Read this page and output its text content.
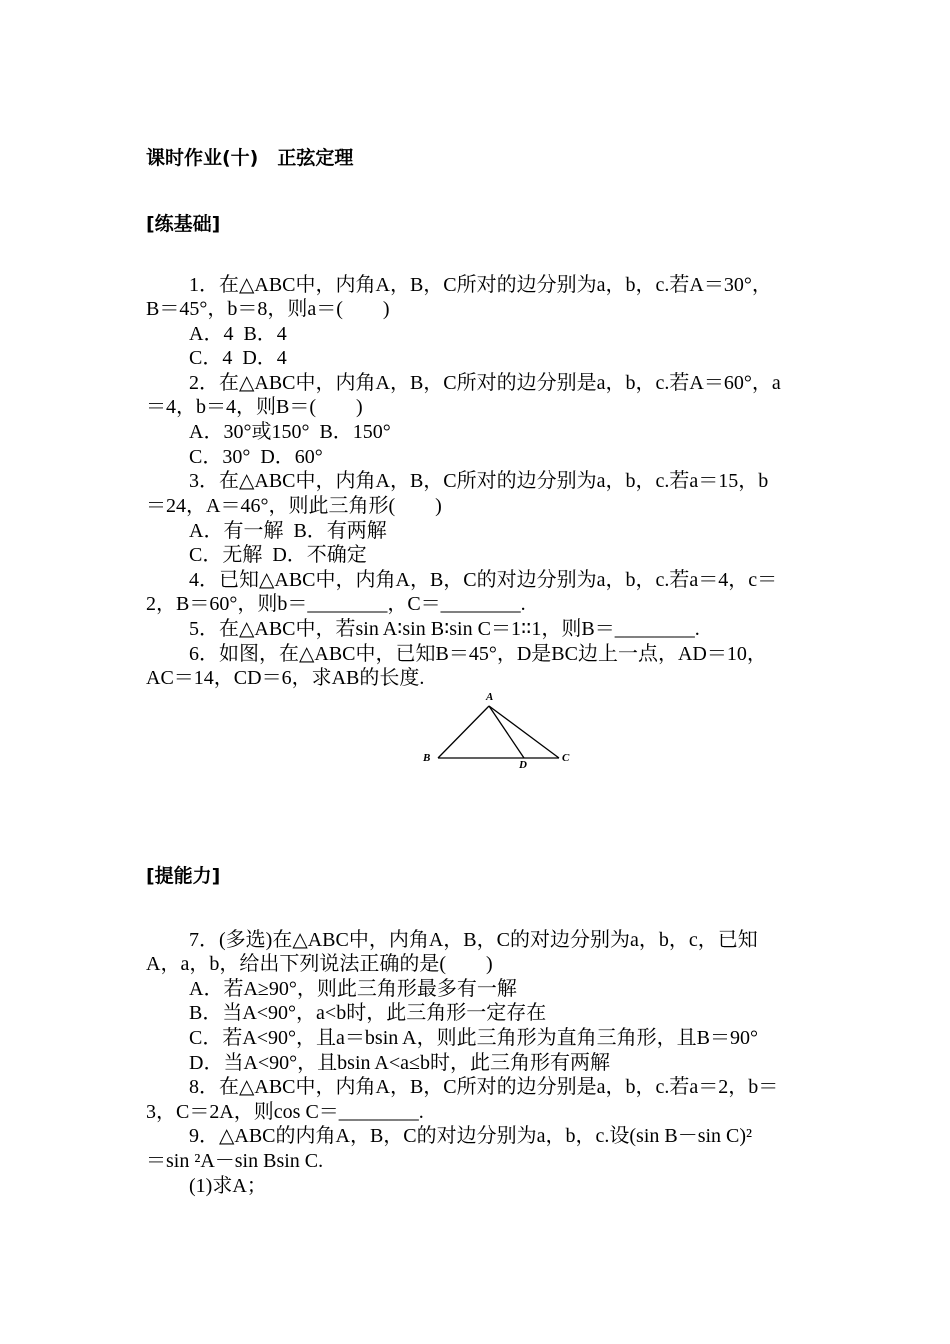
课时作业(十)　正弦定理
[练基础]
1．在△ABC中，内角A，B，C所对的边分别为a，b，c.若A＝30°，
B＝45°，b＝8，则a＝(　　)
A．4  B．4
C．4  D．4
2．在△ABC中，内角A，B，C所对的边分别是a，b，c.若A＝60°，a
＝4，b＝4，则B＝(　　)
A．30°或150°  B．150°
C．30°  D．60°
3．在△ABC中，内角A，B，C所对的边分别为a，b，c.若a＝15，b
＝24，A＝46°，则此三角形(　　)
A．有一解  B．有两解
C．无解  D．不确定
4．已知△ABC中，内角A，B，C的对边分别为a，b，c.若a＝4，c＝
2，B＝60°，则b＝________，C＝________.
5．在△ABC中，若sin A∶sin B∶sin C＝1∶∶1，则B＝________.
6．如图，在△ABC中，已知B＝45°，D是BC边上一点，AD＝10，
AC＝14，CD＝6，求AB的长度.
A
B	C
D
[提能力]
7．(多选)在△ABC中，内角A，B，C的对边分别为a，b，c，已知
A，a，b，给出下列说法正确的是(　　)
A．若A≥90°，则此三角形最多有一解
B．当A<90°，a<b时，此三角形一定存在
C．若A<90°，且a＝bsin A，则此三角形为直角三角形，且B＝90°
D．当A<90°，且bsin A<a≤b时，此三角形有两解
8．在△ABC中，内角A，B，C所对的边分别是a，b，c.若a＝2，b＝
3，C＝2A，则cos C＝________.
9．△ABC的内角A，B，C的对边分别为a，b，c.设(sin B－sin C)²
＝sin ²A－sin Bsin C.
(1)求A；
